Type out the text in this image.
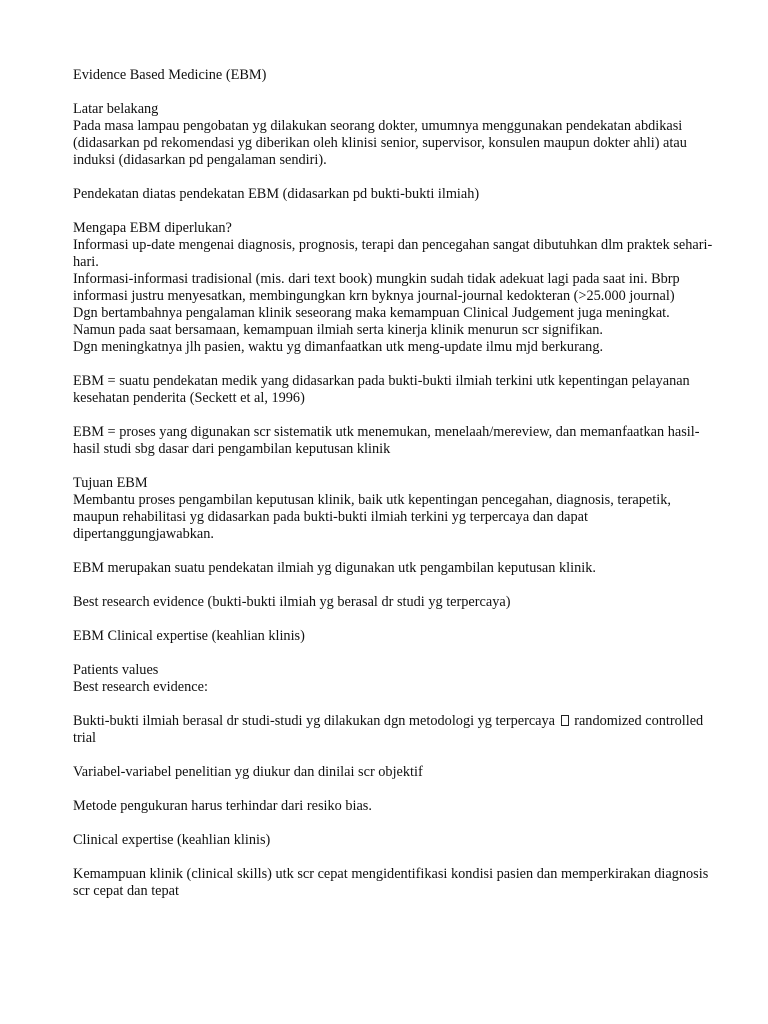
Evidence Based Medicine (EBM)

Latar belakang
Pada masa lampau pengobatan yg dilakukan seorang dokter, umumnya menggunakan pendekatan abdikasi (didasarkan pd rekomendasi yg diberikan oleh klinisi senior, supervisor, konsulen maupun dokter ahli) atau induksi (didasarkan pd pengalaman sendiri).

Pendekatan diatas pendekatan EBM (didasarkan pd bukti-bukti ilmiah)

Mengapa EBM diperlukan?
Informasi up-date mengenai diagnosis, prognosis, terapi dan pencegahan sangat dibutuhkan dlm praktek sehari-hari.
Informasi-informasi tradisional (mis. dari text book) mungkin sudah tidak adekuat lagi pada saat ini. Bbrp informasi justru menyesatkan, membingungkan krn byknya journal-journal kedokteran (>25.000 journal)
Dgn bertambahnya pengalaman klinik seseorang maka kemampuan Clinical Judgement juga meningkat. Namun pada saat bersamaan, kemampuan ilmiah serta kinerja klinik menurun scr signifikan.
Dgn meningkatnya jlh pasien, waktu yg dimanfaatkan utk meng-update ilmu mjd berkurang.

EBM = suatu pendekatan medik yang didasarkan pada bukti-bukti ilmiah terkini utk kepentingan pelayanan kesehatan penderita (Seckett et al, 1996)

EBM = proses yang digunakan scr sistematik utk menemukan, menelaah/mereview, dan memanfaatkan hasil-hasil studi sbg dasar dari pengambilan keputusan klinik

Tujuan EBM
Membantu proses pengambilan keputusan klinik, baik utk kepentingan pencegahan, diagnosis, terapetik, maupun rehabilitasi yg didasarkan pada bukti-bukti ilmiah terkini yg terpercaya dan dapat dipertanggungjawabkan.

EBM merupakan suatu pendekatan ilmiah yg digunakan utk pengambilan keputusan klinik.

Best research evidence (bukti-bukti ilmiah yg berasal dr studi yg terpercaya)

EBM Clinical expertise (keahlian klinis)

Patients values
Best research evidence:

Bukti-bukti ilmiah berasal dr studi-studi yg dilakukan dgn metodologi yg terpercaya randomized controlled trial

Variabel-variabel penelitian yg diukur dan dinilai scr objektif

Metode pengukuran harus terhindar dari resiko bias.

Clinical expertise (keahlian klinis)

Kemampuan klinik (clinical skills) utk scr cepat mengidentifikasi kondisi pasien dan memperkirakan diagnosis scr cepat dan tepat
